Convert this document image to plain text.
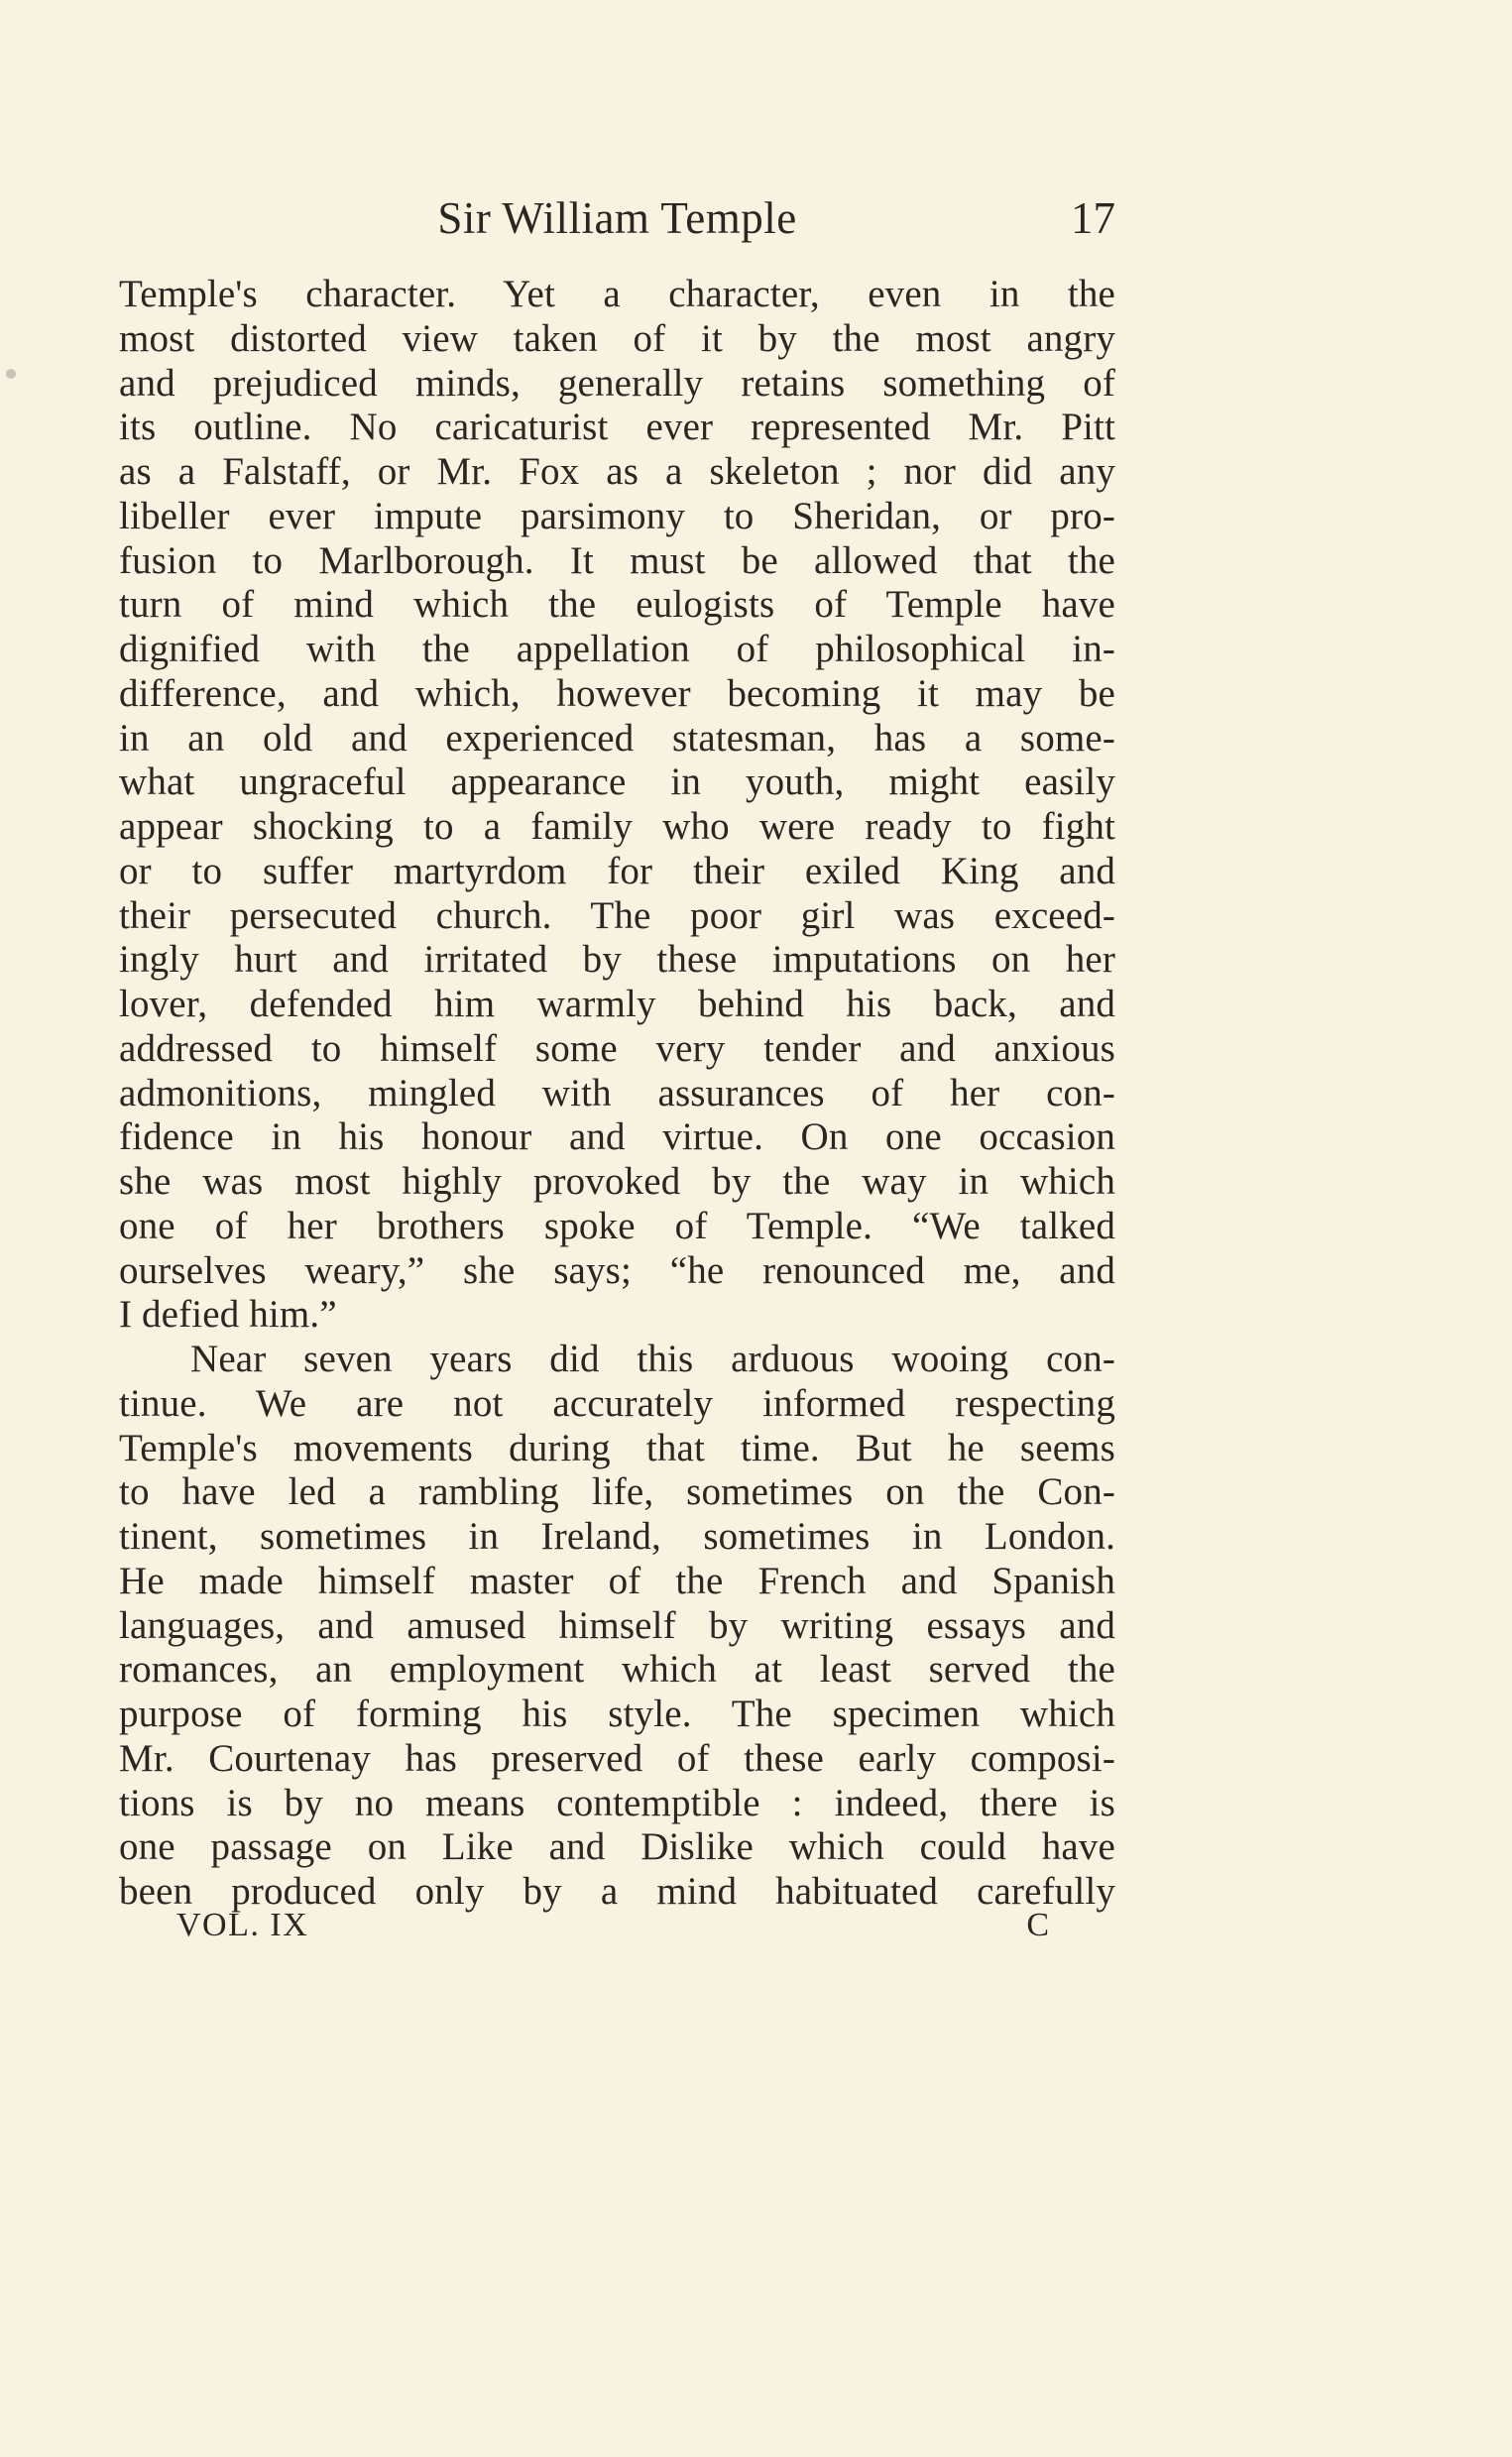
Sir William Temple	17
Temple's character. Yet a character, even in the
most distorted view taken of it by the most angry
and prejudiced minds, generally retains something of
its outline. No caricaturist ever represented Mr. Pitt
as a Falstaff, or Mr. Fox as a skeleton ; nor did any
libeller ever impute parsimony to Sheridan, or pro-
fusion to Marlborough. It must be allowed that the
turn of mind which the eulogists of Temple have
dignified with the appellation of philosophical in-
difference, and which, however becoming it may be
in an old and experienced statesman, has a some-
what ungraceful appearance in youth, might easily
appear shocking to a family who were ready to fight
or to suffer martyrdom for their exiled King and
their persecuted church. The poor girl was exceed-
ingly hurt and irritated by these imputations on her
lover, defended him warmly behind his back, and
addressed to himself some very tender and anxious
admonitions, mingled with assurances of her con-
fidence in his honour and virtue. On one occasion
she was most highly provoked by the way in which
one of her brothers spoke of Temple. “We talked
ourselves weary,” she says; “he renounced me, and
I defied him.”
Near seven years did this arduous wooing con-
tinue. We are not accurately informed respecting
Temple's movements during that time. But he seems
to have led a rambling life, sometimes on the Con-
tinent, sometimes in Ireland, sometimes in London.
He made himself master of the French and Spanish
languages, and amused himself by writing essays and
romances, an employment which at least served the
purpose of forming his style. The specimen which
Mr. Courtenay has preserved of these early composi-
tions is by no means contemptible : indeed, there is
one passage on Like and Dislike which could have
been produced only by a mind habituated carefully
VOL. IX	C
